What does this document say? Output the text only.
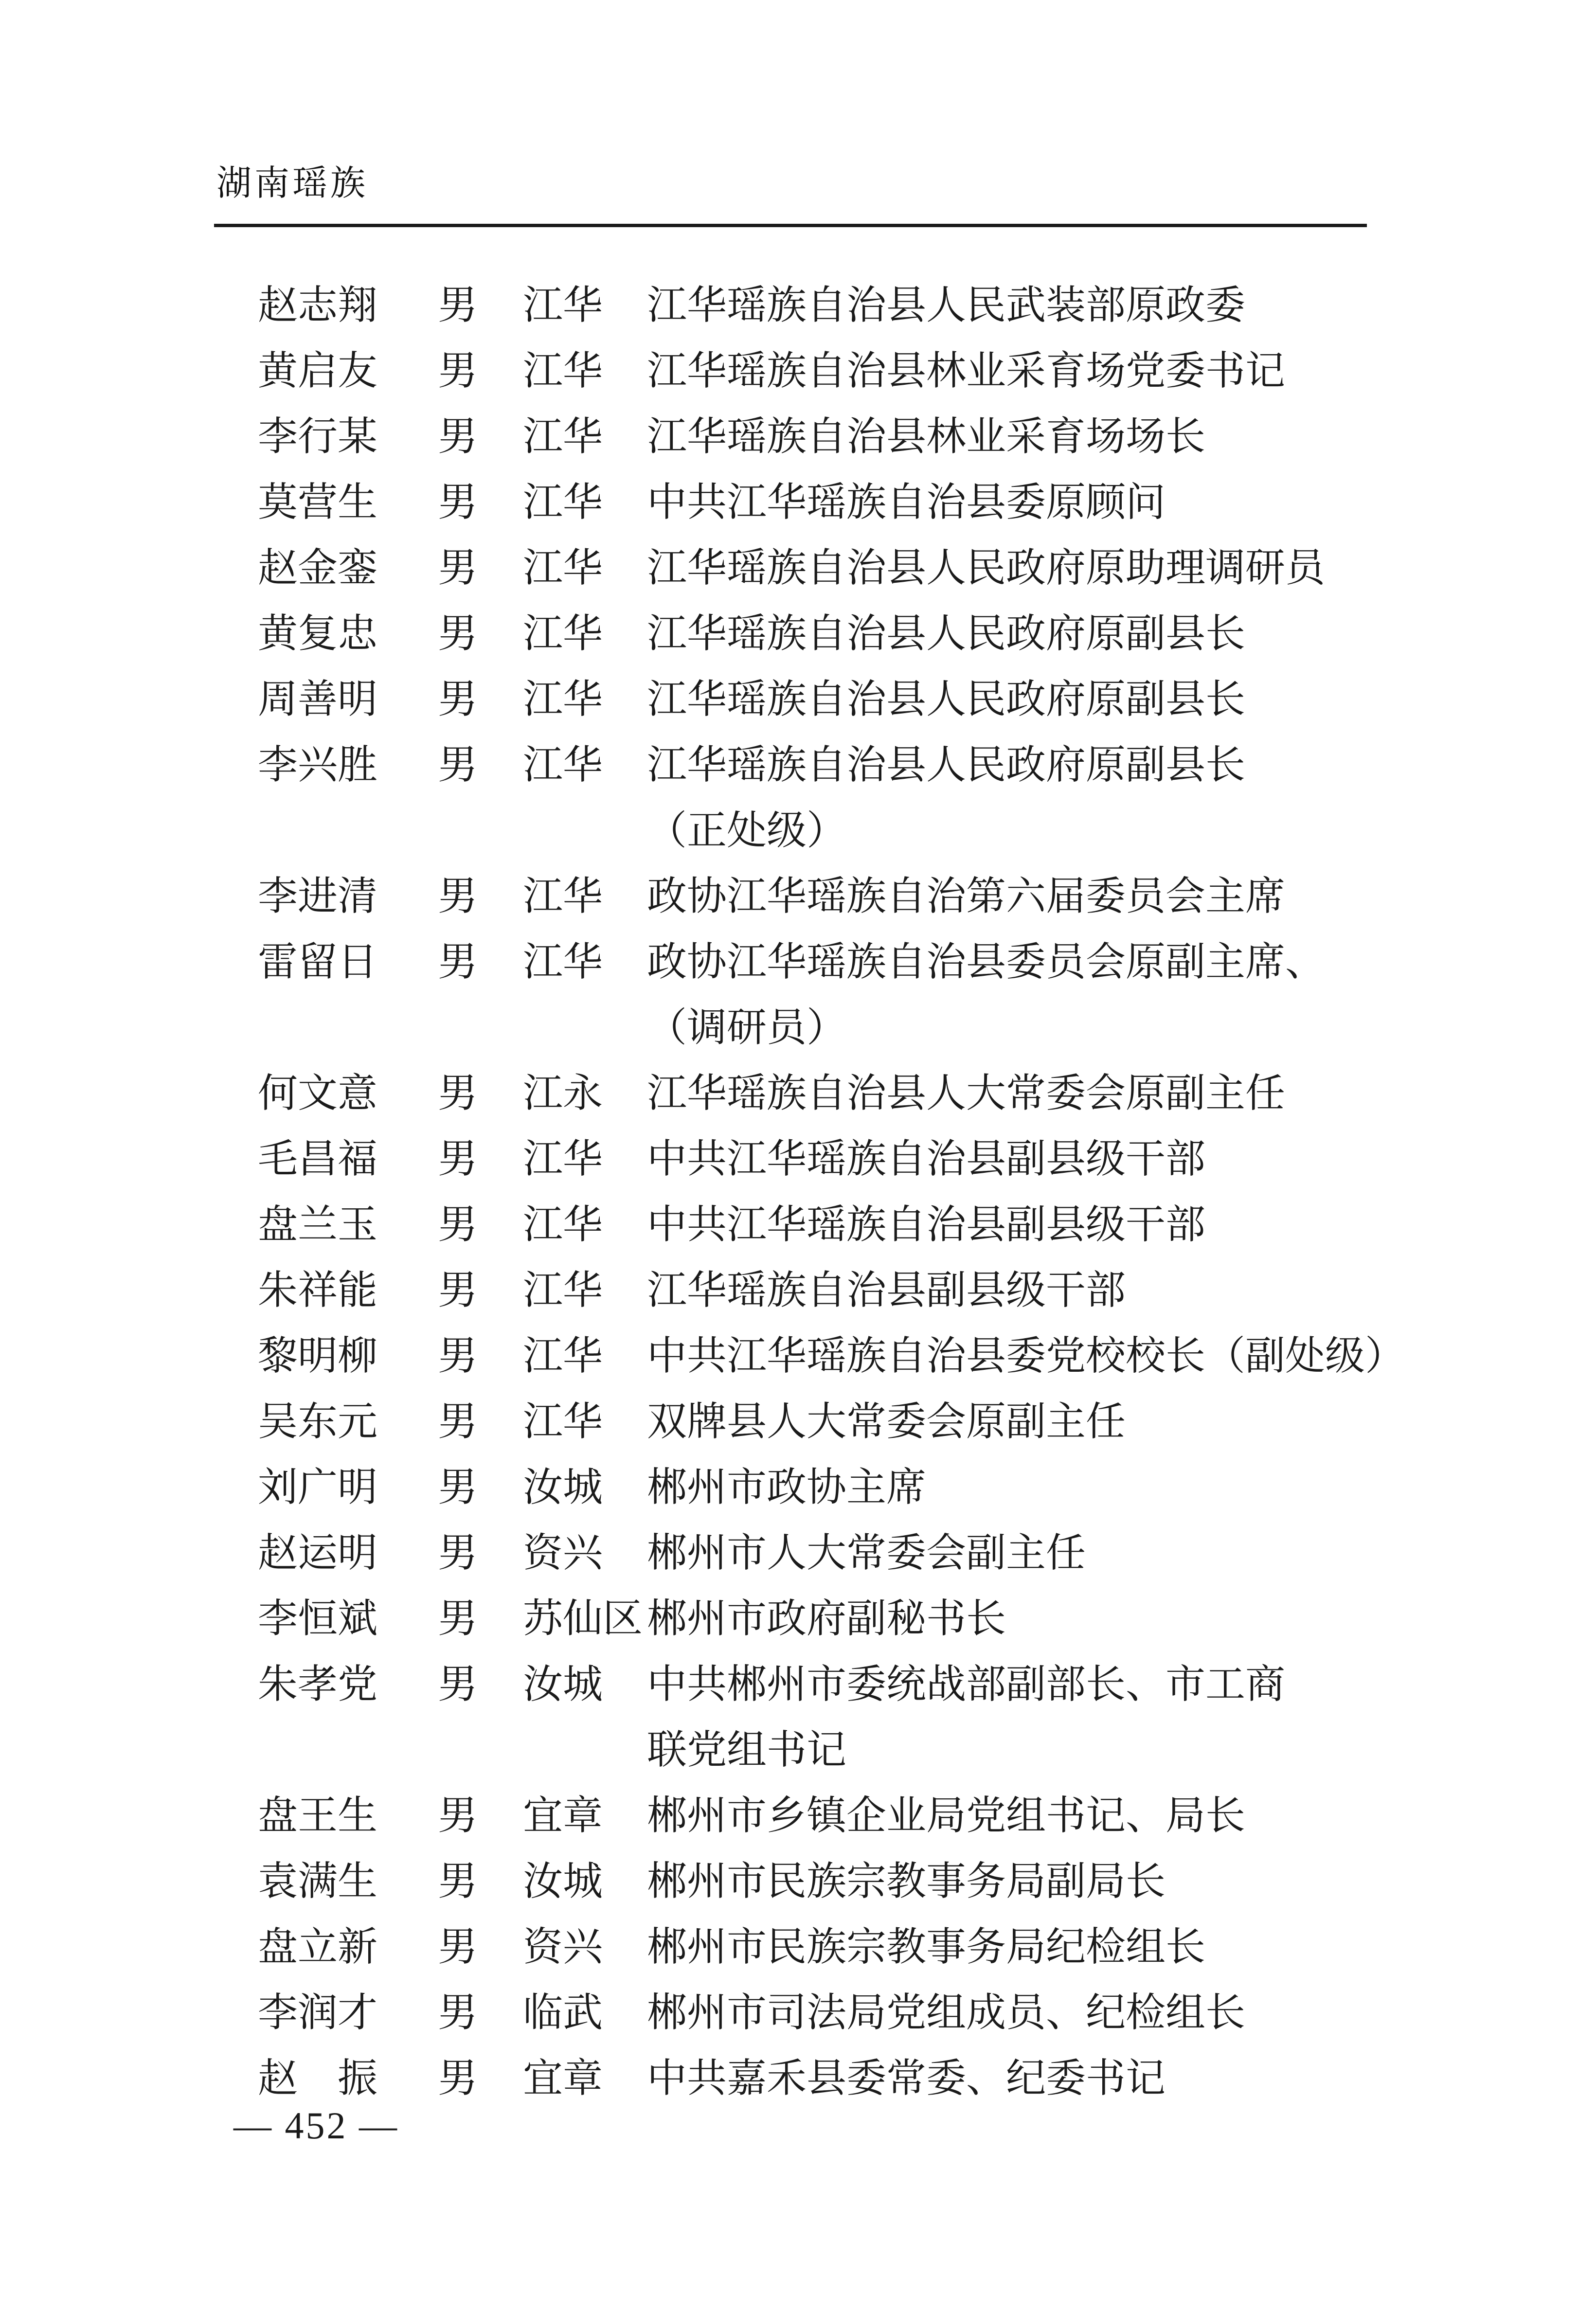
湖南瑶族
赵志翔	男	江华	江华瑶族自治县人民武装部原政委
黄启友	男	江华	江华瑶族自治县林业采育场党委书记
李行某	男	江华	江华瑶族自治县林业采育场场长
莫营生	男	江华	中共江华瑶族自治县委原顾问
赵金銮	男	江华	江华瑶族自治县人民政府原助理调研员
黄复忠	男	江华	江华瑶族自治县人民政府原副县长
周善明	男	江华	江华瑶族自治县人民政府原副县长
李兴胜	男	江华	江华瑶族自治县人民政府原副县长
（正处级）
李进清	男	江华	政协江华瑶族自治第六届委员会主席
雷留日	男	江华	政协江华瑶族自治县委员会原副主席、
（调研员）
何文意	男	江永	江华瑶族自治县人大常委会原副主任
毛昌福	男	江华	中共江华瑶族自治县副县级干部
盘兰玉	男	江华	中共江华瑶族自治县副县级干部
朱祥能	男	江华	江华瑶族自治县副县级干部
黎明柳	男	江华	中共江华瑶族自治县委党校校长（副处级）
吴东元	男	江华	双牌县人大常委会原副主任
刘广明	男	汝城	郴州市政协主席
赵运明	男	资兴	郴州市人大常委会副主任
李恒斌	男	苏仙区 郴州市政府副秘书长
朱孝党	男	汝城	中共郴州市委统战部副部长、市工商
联党组书记
盘王生	男	宜章	郴州市乡镇企业局党组书记、局长
袁满生	男	汝城	郴州市民族宗教事务局副局长
盘立新	男	资兴	郴州市民族宗教事务局纪检组长
李润才	男	临武	郴州市司法局党组成员、纪检组长
赵　振	男	宜章	中共嘉禾县委常委、纪委书记
— 452 —
